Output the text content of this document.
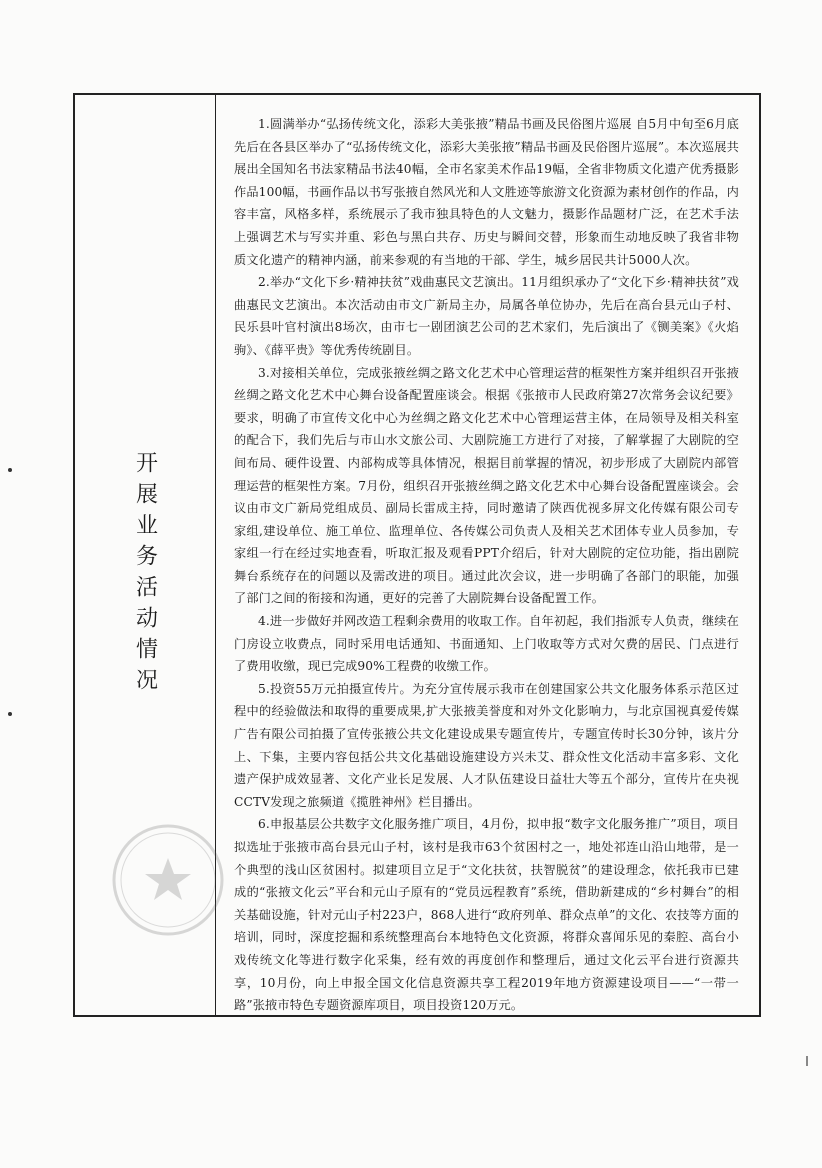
开展业务活动情况

1.圆满举办“弘扬传统文化，添彩大美张掖”精品书画及民俗图片巡展 自5月中旬至6月底先后在各县区举办了“弘扬传统文化，添彩大美张掖”精品书画及民俗图片巡展”。本次巡展共展出全国知名书法家精品书法40幅，全市名家美术作品19幅，全省非物质文化遗产优秀摄影作品100幅，书画作品以书写张掖自然风光和人文胜迹等旅游文化资源为素材创作的作品，内容丰富，风格多样，系统展示了我市独具特色的人文魅力，摄影作品题材广泛，在艺术手法上强调艺术与写实并重、彩色与黑白共存、历史与瞬间交替，形象而生动地反映了我省非物质文化遗产的精神内涵，前来参观的有当地的干部、学生，城乡居民共计5000人次。

2.举办“文化下乡·精神扶贫”戏曲惠民文艺演出。11月组织承办了“文化下乡·精神扶贫”戏曲惠民文艺演出。本次活动由市文广新局主办，局属各单位协办，先后在高台县元山子村、民乐县叶官村演出8场次，由市七一剧团演艺公司的艺术家们，先后演出了《铡美案》《火焰驹》、《薛平贵》等优秀传统剧目。

3.对接相关单位，完成张掖丝绸之路文化艺术中心管理运营的框架性方案并组织召开张掖丝绸之路文化艺术中心舞台设备配置座谈会。根据《张掖市人民政府第27次常务会议纪要》要求，明确了市宣传文化中心为丝绸之路文化艺术中心管理运营主体，在局领导及相关科室的配合下，我们先后与市山水文旅公司、大剧院施工方进行了对接，了解掌握了大剧院的空间布局、硬件设置、内部构成等具体情况，根据目前掌握的情况，初步形成了大剧院内部管理运营的框架性方案。7月份，组织召开张掖丝绸之路文化艺术中心舞台设备配置座谈会。会议由市文广新局党组成员、副局长雷成主持，同时邀请了陕西优视多屏文化传媒有限公司专家组,建设单位、施工单位、监理单位、各传媒公司负责人及相关艺术团体专业人员参加，专家组一行在经过实地查看，听取汇报及观看PPT介绍后，针对大剧院的定位功能，指出剧院舞台系统存在的问题以及需改进的项目。通过此次会议，进一步明确了各部门的职能，加强了部门之间的衔接和沟通，更好的完善了大剧院舞台设备配置工作。

4.进一步做好并网改造工程剩余费用的收取工作。自年初起，我们指派专人负责，继续在门房设立收费点，同时采用电话通知、书面通知、上门收取等方式对欠费的居民、门点进行了费用收缴，现已完成90%工程费的收缴工作。

5.投资55万元拍摄宣传片。为充分宣传展示我市在创建国家公共文化服务体系示范区过程中的经验做法和取得的重要成果,扩大张掖美誉度和对外文化影响力，与北京国视真爱传媒广告有限公司拍摄了宣传张掖公共文化建设成果专题宣传片，专题宣传时长30分钟，该片分上、下集，主要内容包括公共文化基础设施建设方兴未艾、群众性文化活动丰富多彩、文化遗产保护成效显著、文化产业长足发展、人才队伍建设日益壮大等五个部分，宣传片在央视CCTV发现之旅频道《揽胜神州》栏目播出。

6.申报基层公共数字文化服务推广项目，4月份，拟申报“数字文化服务推广”项目，项目拟选址于张掖市高台县元山子村，该村是我市63个贫困村之一，地处祁连山沿山地带，是一个典型的浅山区贫困村。拟建项目立足于“文化扶贫，扶智脱贫”的建设理念，依托我市已建成的“张掖文化云”平台和元山子原有的“党员远程教育”系统，借助新建成的“乡村舞台”的相关基础设施，针对元山子村223户，868人进行“政府列单、群众点单”的文化、农技等方面的培训，同时，深度挖掘和系统整理高台本地特色文化资源，将群众喜闻乐见的秦腔、高台小戏传统文化等进行数字化采集，经有效的再度创作和整理后，通过文化云平台进行资源共享，10月份，向上申报全国文化信息资源共享工程2019年地方资源建设项目——“一带一路”张掖市特色专题资源库项目，项目投资120万元。
